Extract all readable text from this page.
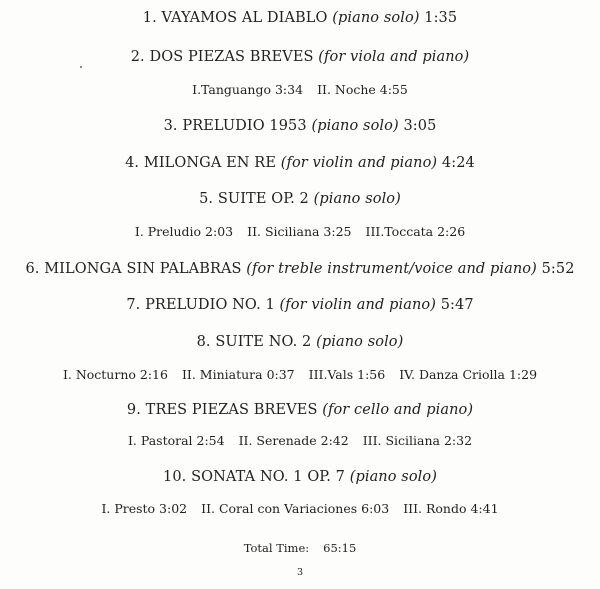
1. VAYAMOS AL DIABLO (piano solo) 1:35
2. DOS PIEZAS BREVES (for viola and piano)
I.Tanguango 3:34 II. Noche 4:55
3. PRELUDIO 1953 (piano solo) 3:05
4. MILONGA EN RE (for violin and piano) 4:24
5. SUITE OP. 2 (piano solo)
I. Preludio 2:03 II. Siciliana 3:25 III.Toccata 2:26
6. MILONGA SIN PALABRAS (for treble instrument/voice and piano) 5:52
7. PRELUDIO NO. 1 (for violin and piano) 5:47
8. SUITE NO. 2 (piano solo)
I. Nocturno 2:16 II. Miniatura 0:37 III.Vals 1:56 IV. Danza Criolla 1:29
9. TRES PIEZAS BREVES (for cello and piano)
I. Pastoral 2:54 II. Serenade 2:42 III. Siciliana 2:32
10. SONATA NO. 1 OP. 7 (piano solo)
I. Presto 3:02 II. Coral con Variaciones 6:03 III. Rondo 4:41
Total Time: 65:15
3
